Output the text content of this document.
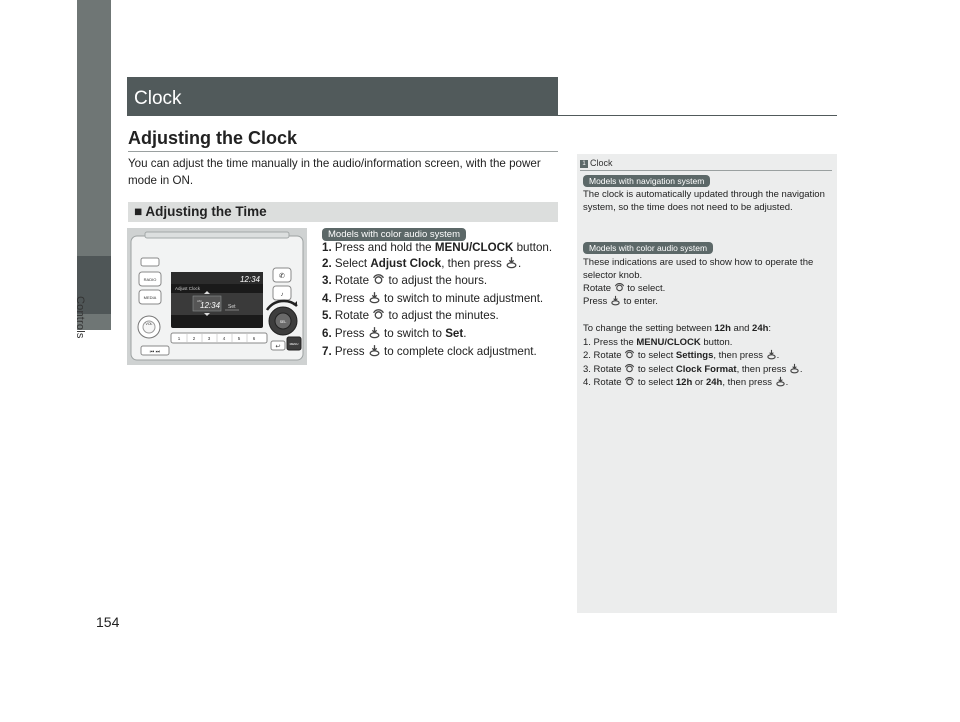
Controls
154
Clock
Adjusting the Clock
You can adjust the time manually in the audio/information screen, with the power mode in ON.
■ Adjusting the Time
Models with color audio system
RADIO
MEDIA
VOL
⏮ ⏭
12:34
Adjust Clock
AM
12:34 Set
1	2	3	4	5	6
✆
♪
SEL
↩	MENU
1. Press and hold the MENU/CLOCK button.
2. Select Adjust Clock, then press .
3. Rotate  to adjust the hours.
4. Press  to switch to minute adjustment.
5. Rotate  to adjust the minutes.
6. Press  to switch to Set.
7. Press  to complete clock adjustment.
1 Clock
Models with navigation system
The clock is automatically updated through the navigation system, so the time does not need to be adjusted.
Models with color audio system
These indications are used to show how to operate the selector knob.
Rotate  to select.
Press  to enter.
To change the setting between 12h and 24h:
1. Press the MENU/CLOCK button.
2. Rotate  to select Settings, then press .
3. Rotate  to select Clock Format, then press .
4. Rotate  to select 12h or 24h, then press .
